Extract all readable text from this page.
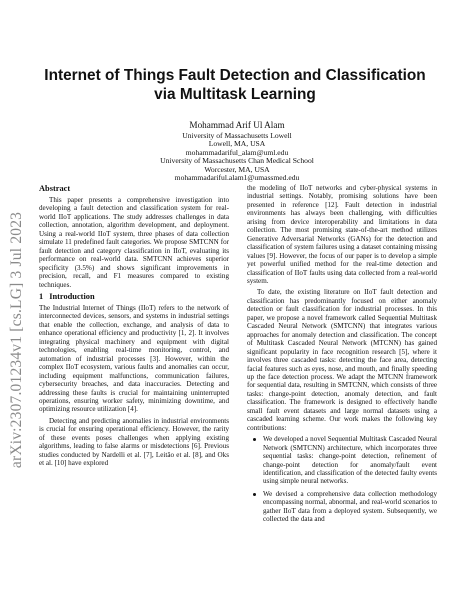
arXiv:2307.01234v1 [cs.LG] 3 Jul 2023
Internet of Things Fault Detection and Classification via Multitask Learning
Mohammad Arif Ul Alam
University of Massachusetts Lowell
Lowell, MA, USA
mohammadariful_alam@uml.edu
University of Massachusetts Chan Medical School
Worcester, MA, USA
mohammadariful.alam1@umassmed.edu
Abstract

This paper presents a comprehensive investigation into developing a fault detection and classification system for real-world IIoT applications. The study addresses challenges in data collection, annotation, algorithm development, and deployment. Using a real-world IIoT system, three phases of data collection simulate 11 predefined fault categories. We propose SMTCNN for fault detection and category classification in IIoT, evaluating its performance on real-world data. SMTCNN achieves superior specificity (3.5%) and shows significant improvements in precision, recall, and F1 measures compared to existing techniques.

1 Introduction

The Industrial Internet of Things (IIoT) refers to the network of interconnected devices, sensors, and systems in industrial settings that enable the collection, exchange, and analysis of data to enhance operational efficiency and productivity [1, 2]. It involves integrating physical machinery and equipment with digital technologies, enabling real-time monitoring, control, and automation of industrial processes [3]. However, within the complex IIoT ecosystem, various faults and anomalies can occur, including equipment malfunctions, communication failures, cybersecurity breaches, and data inaccuracies. Detecting and addressing these faults is crucial for maintaining uninterrupted operations, ensuring worker safety, minimizing downtime, and optimizing resource utilization [4].

Detecting and predicting anomalies in industrial environments is crucial for ensuring operational efficiency. However, the rarity of these events poses challenges when applying existing algorithms, leading to false alarms or misdetections [6]. Previous studies conducted by Nardelli et al. [7], Leitão et al. [8], and Oks et al. [10] have explored

the modeling of IIoT networks and cyber-physical systems in industrial settings. Notably, promising solutions have been presented in reference [12]. Fault detection in industrial environments has always been challenging, with difficulties arising from device interoperability and limitations in data collection. The most promising state-of-the-art method utilizes Generative Adversarial Networks (GANs) for the detection and classification of system failures using a dataset containing missing values [9]. However, the focus of our paper is to develop a simple yet powerful unified method for the real-time detection and classification of IIoT faults using data collected from a real-world system.

To date, the existing literature on IIoT fault detection and classification has predominantly focused on either anomaly detection or fault classification for industrial processes. In this paper, we propose a novel framework called Sequential Multitask Cascaded Neural Network (SMTCNN) that integrates various approaches for anomaly detection and classification. The concept of Multitask Cascaded Neural Network (MTCNN) has gained significant popularity in face recognition research [5], where it involves three cascaded tasks: detecting the face area, detecting facial features such as eyes, nose, and mouth, and finally speeding up the face detection process. We adapt the MTCNN framework for sequential data, resulting in SMTCNN, which consists of three tasks: change-point detection, anomaly detection, and fault classification. The framework is designed to effectively handle small fault event datasets and large normal datasets using a cascaded learning scheme. Our work makes the following key contributions:

We developed a novel Sequential Multitask Cascaded Neural Network (SMTCNN) architecture, which incorporates three sequential tasks: change-point detection, refinement of change-point detection for anomaly/fault event identification, and classification of the detected faulty events using simple neural networks.
We devised a comprehensive data collection methodology encompassing normal, abnormal, and real-world scenarios to gather IIoT data from a deployed system. Subsequently, we collected the data and
